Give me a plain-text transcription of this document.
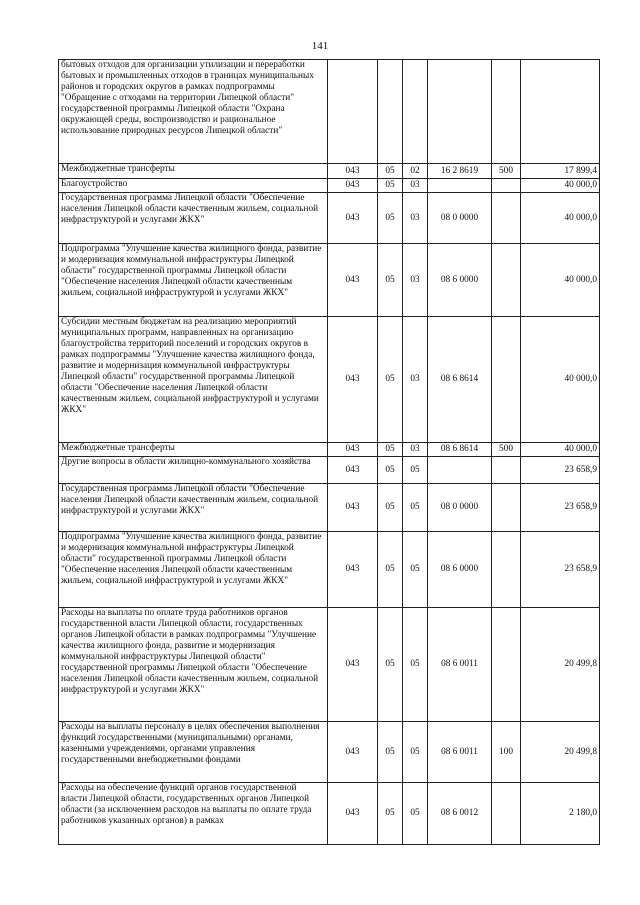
141
бытовых отходов для организации утилизации и переработки бытовых и промышленных отходов в границах муниципальных районов и городских округов в рамках подпрограммы "Обращение с отходами на территории Липецкой области" государственной программы Липецкой области "Охрана окружающей среды, воспроизводство и рациональное использование природных ресурсов Липецкой области"						
Межбюджетные трансферты	043	05	02	16 2 8619	500	17 899,4
Благоустройство	043	05	03			40 000,0
Государственная программа Липецкой области "Обеспечение населения Липецкой области качественным жильем, социальной инфраструктурой и услугами ЖКХ"	043	05	03	08 0 0000		40 000,0
Подпрограмма "Улучшение качества жилищного фонда, развитие и модернизация коммунальной инфраструктуры Липецкой области" государственной программы Липецкой области "Обеспечение населения Липецкой области качественным жильем, социальной инфраструктурой и услугами ЖКХ"	043	05	03	08 6 0000		40 000,0
Субсидии местным бюджетам на реализацию мероприятий муниципальных программ, направленных на организацию благоустройства территорий поселений и городских округов в рамках подпрограммы "Улучшение качества жилищного фонда, развитие и модернизация коммунальной инфраструктуры Липецкой области" государственной программы Липецкой области "Обеспечение населения Липецкой области качественным жильем, социальной инфраструктурой и услугами ЖКХ"	043	05	03	08 6 8614		40 000,0
Межбюджетные трансферты	043	05	03	08 6 8614	500	40 000,0
Другие вопросы в области жилищно-коммунального хозяйства	043	05	05			23 658,9
Государственная программа Липецкой области "Обеспечение населения Липецкой области качественным жильем, социальной инфраструктурой и услугами ЖКХ"	043	05	05	08 0 0000		23 658,9
Подпрограмма "Улучшение качества жилищного фонда, развитие и модернизация коммунальной инфраструктуры Липецкой области" государственной программы Липецкой области "Обеспечение населения Липецкой области качественным жильем, социальной инфраструктурой и услугами ЖКХ"	043	05	05	08 6 0000		23 658,9
Расходы на выплаты по оплате труда работников органов государственной власти Липецкой области, государственных органов Липецкой области в рамках подпрограммы "Улучшение качества жилищного фонда, развитие и модернизация коммунальной инфраструктуры Липецкой области" государственной программы Липецкой области "Обеспечение населения Липецкой области качественным жильем, социальной инфраструктурой и услугами ЖКХ"	043	05	05	08 6 0011		20 499,8
Расходы на выплаты персоналу в целях обеспечения выполнения функций государственными (муниципальными) органами, казенными учреждениями, органами управления государственными внебюджетными фондами	043	05	05	08 6 0011	100	20 499,8
Расходы на обеспечение функций органов государственной власти Липецкой области, государственных органов Липецкой области (за исключением расходов на выплаты по оплате труда работников указанных органов) в рамках	043	05	05	08 6 0012		2 180,0
